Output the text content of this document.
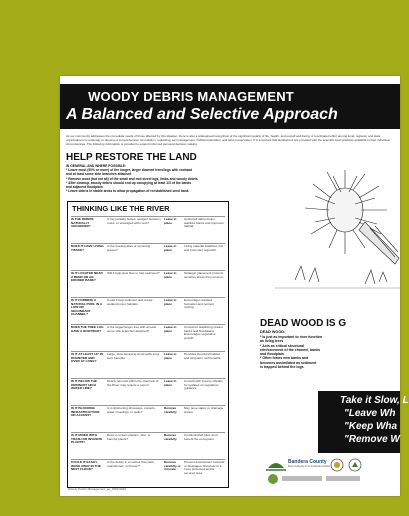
WOODY DEBRIS MANAGEMENT
A Balanced and Selective Approach
As our community addresses the immediate needs of those affected by this disaster, there is also a widespread recognition of the significant quality of life, health, and overall well-being. A coordinated effort among local, regional, and state organizations is underway to develop a comprehensive remediation, replanting, soil management, habitat restoration, and land conservation. It is important that landowners are provided with the scientific best practices available to their individual circumstances. The following information is provided to support informed personal decision making.
HELP RESTORE THE LAND
IN GENERAL AND WHERE POSSIBLE:
* Leave most (50% or more) of the longer, larger downed trees/logs with rootwad
and at least some side branches attached
* Remove most (but not all) of the small and mid sized logs, limbs and woody debris
* After cleanup, woody debris should end up occupying at least 1/3 of the banks
and adjacent floodplain
* Leave debris in stable areas to allow propagation of reestablished seed bank
THINKING LIKE THE RIVER
IS THE DEBRIS NATURALLY ANCHORED?
Is log partially buried, wedged between rocks, or entangled with roots?
Leave in place
Anchored debris helps stabilize banks and improves habitat.
DOES IT HAVE LIVING TISSUE?
Is the tree/log alive or sprouting leaves?
Leave in place
Living material stabilizes soil and promotes regrowth.
IS IT LOCATED NEAR A BEND OR AN ERODED BANK?
Will it help slow flow or trap sediment?	Leave in place
Strategic placement protects sensitive areas from erosion.
IS IT FORMING A NATURAL POOL IN A LOW OR SECONDARY CHANNEL?
Could it trap sediment and create wetland micro habitats
Leave in place
Encourages wetland formation and nutrient cycling.
DOES THE TREE LOG HAVE A ROOTWAD?
Is the larger/longer tree with at least some side branches attached?
Leave in place
Crucial for stabilizing stream banks and floodplains. Encourages vegetative growth.
IS IT AT LEAST 10" IN DIAMETER AND OVER 10' LONG?
Large, slow decaying wood adds long-term benefits.
Leave in place
Provides structural habitat and long-term soil benefits.
IS IT BELOW THE ORDINARY HIGH WATER LINE?
Debris removal within the channels of the River may require a permit
Leave in place
Consult with County officials for updates on regulatory guidance
IS IT BLOCKING INFRASTRUCTURE OR ACCESS?
Is it obstructing driveways, culverts, water crossings, or walls?
Remove carefully
May pose safety or drainage issues.
IS IT MIXED WITH TRASH OR INVASIVE PLANTS?
Does it contain plastics, wire, or harmful plants?
Remove carefully
Contaminated piles don't benefit the ecosystem.
COULD IT EASILY WASH AWAY IN THE NEXT FLOOD?
Is the debris in an active flow path, unanchored, or broken?
Remove carefully or relocate
Prevent downstream hazards or blockages. Relocate to a more protected and/or secured area.
DEAD WOOD IS G
DEAD WOOD:
* Is just as important to river function
as living trees
* Acts as critical structural
reinforcement of the channel, banks
and floodplain
* Often forms new banks and
becomes assimilated as sediment
is trapped behind the logs
Take it Slow, L
"Leave Wh
"Keep Wha
"Remove W
Bandera County
River Authority & Groundwater District
Woody Debris Management_ae_0002.0919
